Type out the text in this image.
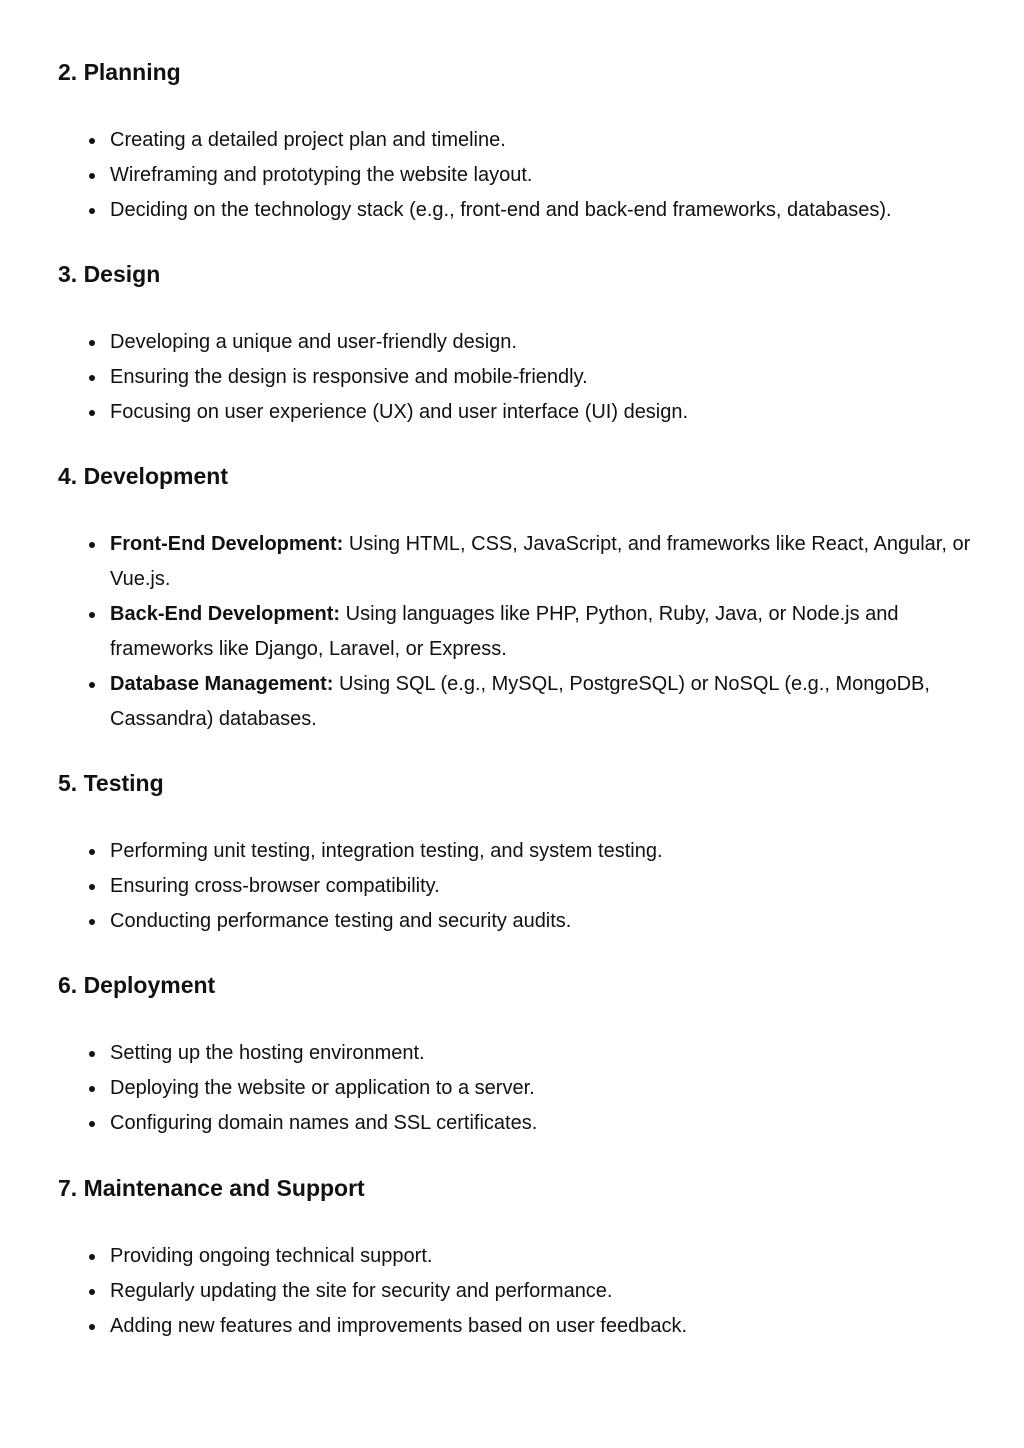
2. Planning
Creating a detailed project plan and timeline.
Wireframing and prototyping the website layout.
Deciding on the technology stack (e.g., front-end and back-end frameworks, databases).
3. Design
Developing a unique and user-friendly design.
Ensuring the design is responsive and mobile-friendly.
Focusing on user experience (UX) and user interface (UI) design.
4. Development
Front-End Development: Using HTML, CSS, JavaScript, and frameworks like React, Angular, or Vue.js.
Back-End Development: Using languages like PHP, Python, Ruby, Java, or Node.js and frameworks like Django, Laravel, or Express.
Database Management: Using SQL (e.g., MySQL, PostgreSQL) or NoSQL (e.g., MongoDB, Cassandra) databases.
5. Testing
Performing unit testing, integration testing, and system testing.
Ensuring cross-browser compatibility.
Conducting performance testing and security audits.
6. Deployment
Setting up the hosting environment.
Deploying the website or application to a server.
Configuring domain names and SSL certificates.
7. Maintenance and Support
Providing ongoing technical support.
Regularly updating the site for security and performance.
Adding new features and improvements based on user feedback.
